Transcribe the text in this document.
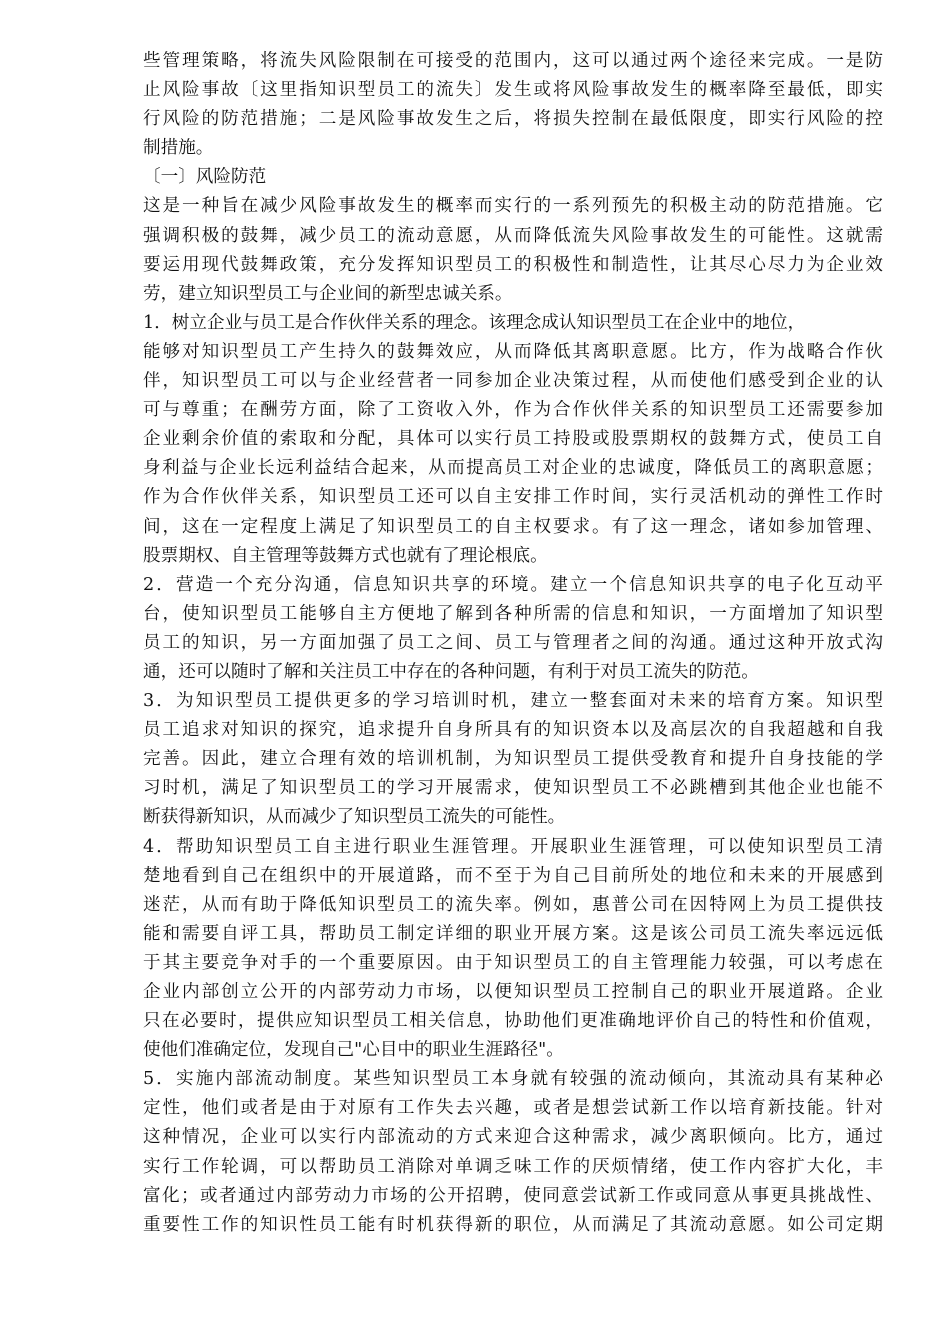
些管理策略，将流失风险限制在可接受的范围内，这可以通过两个途径来完成。一是防
止风险事故〔这里指知识型员工的流失〕发生或将风险事故发生的概率降至最低，即实
行风险的防范措施；二是风险事故发生之后，将损失控制在最低限度，即实行风险的控
制措施。
〔一〕风险防范
这是一种旨在减少风险事故发生的概率而实行的一系列预先的积极主动的防范措施。它
强调积极的鼓舞，减少员工的流动意愿，从而降低流失风险事故发生的可能性。这就需
要运用现代鼓舞政策，充分发挥知识型员工的积极性和制造性，让其尽心尽力为企业效
劳，建立知识型员工与企业间的新型忠诚关系。
1．树立企业与员工是合作伙伴关系的理念。该理念成认知识型员工在企业中的地位，
能够对知识型员工产生持久的鼓舞效应，从而降低其离职意愿。比方，作为战略合作伙
伴，知识型员工可以与企业经营者一同参加企业决策过程，从而使他们感受到企业的认
可与尊重；在酬劳方面，除了工资收入外，作为合作伙伴关系的知识型员工还需要参加
企业剩余价值的索取和分配，具体可以实行员工持股或股票期权的鼓舞方式，使员工自
身利益与企业长远利益结合起来，从而提高员工对企业的忠诚度，降低员工的离职意愿；
作为合作伙伴关系，知识型员工还可以自主安排工作时间，实行灵活机动的弹性工作时
间，这在一定程度上满足了知识型员工的自主权要求。有了这一理念，诸如参加管理、
股票期权、自主管理等鼓舞方式也就有了理论根底。
2．营造一个充分沟通，信息知识共享的环境。建立一个信息知识共享的电子化互动平
台，使知识型员工能够自主方便地了解到各种所需的信息和知识，一方面增加了知识型
员工的知识，另一方面加强了员工之间、员工与管理者之间的沟通。通过这种开放式沟
通，还可以随时了解和关注员工中存在的各种问题，有利于对员工流失的防范。
3．为知识型员工提供更多的学习培训时机，建立一整套面对未来的培育方案。知识型
员工追求对知识的探究，追求提升自身所具有的知识资本以及高层次的自我超越和自我
完善。因此，建立合理有效的培训机制，为知识型员工提供受教育和提升自身技能的学
习时机，满足了知识型员工的学习开展需求，使知识型员工不必跳槽到其他企业也能不
断获得新知识，从而减少了知识型员工流失的可能性。
4．帮助知识型员工自主进行职业生涯管理。开展职业生涯管理，可以使知识型员工清
楚地看到自己在组织中的开展道路，而不至于为自己目前所处的地位和未来的开展感到
迷茫，从而有助于降低知识型员工的流失率。例如，惠普公司在因特网上为员工提供技
能和需要自评工具，帮助员工制定详细的职业开展方案。这是该公司员工流失率远远低
于其主要竞争对手的一个重要原因。由于知识型员工的自主管理能力较强，可以考虑在
企业内部创立公开的内部劳动力市场，以便知识型员工控制自己的职业开展道路。企业
只在必要时，提供应知识型员工相关信息，协助他们更准确地评价自己的特性和价值观，
使他们准确定位，发现自己"心目中的职业生涯路径"。
5．实施内部流动制度。某些知识型员工本身就有较强的流动倾向，其流动具有某种必
定性，他们或者是由于对原有工作失去兴趣，或者是想尝试新工作以培育新技能。针对
这种情况，企业可以实行内部流动的方式来迎合这种需求，减少离职倾向。比方，通过
实行工作轮调，可以帮助员工消除对单调乏味工作的厌烦情绪，使工作内容扩大化，丰
富化；或者通过内部劳动力市场的公开招聘，使同意尝试新工作或同意从事更具挑战性、
重要性工作的知识性员工能有时机获得新的职位，从而满足了其流动意愿。如公司定期
